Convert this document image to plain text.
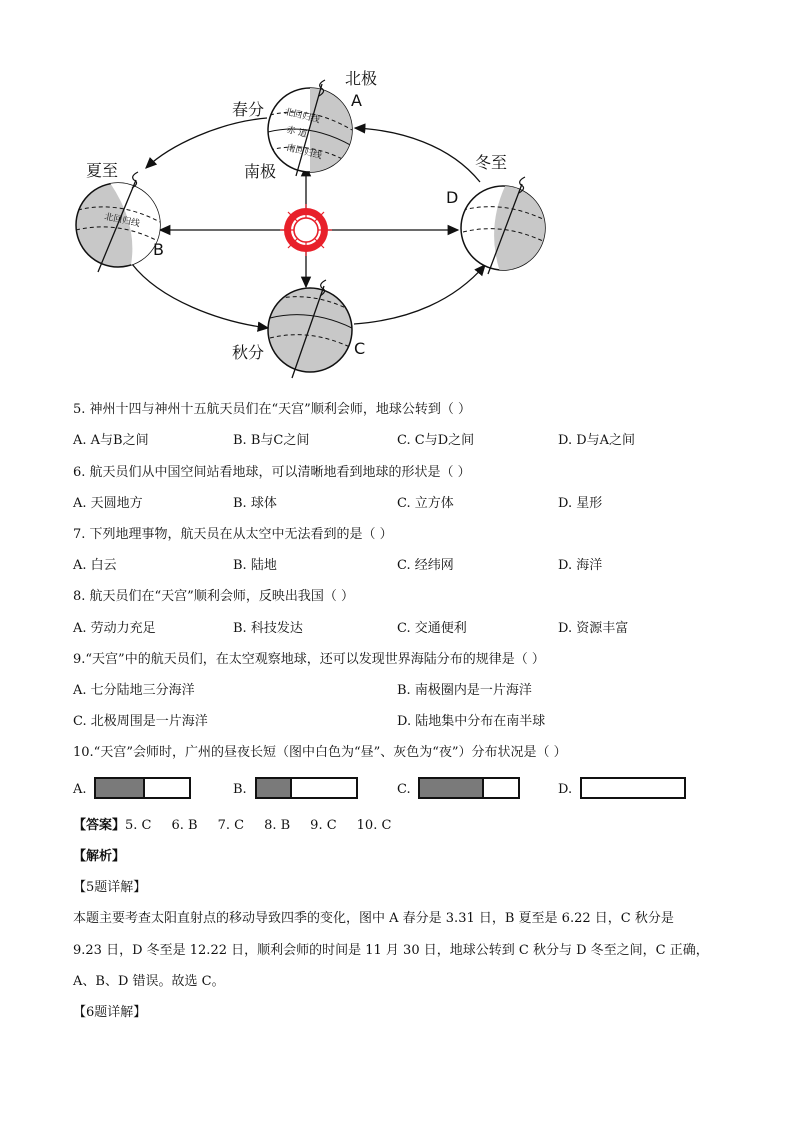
北极
A
春分
南极
夏至
B
冬至
D
秋分	C
北回归线
赤 道
南回归线
北回归线
5. 神州十四与神州十五航天员们在“天宫”顺利会师，地球公转到（ ）
A. A与B之间	B. B与C之间	C. C与D之间	D. D与A之间
6. 航天员们从中国空间站看地球，可以清晰地看到地球的形状是（ ）
A. 天圆地方	B. 球体	C. 立方体	D. 星形
7. 下列地理事物，航天员在从太空中无法看到的是（ ）
A. 白云	B. 陆地	C. 经纬网	D. 海洋
8. 航天员们在“天宫”顺利会师，反映出我国（ ）
A. 劳动力充足	B. 科技发达	C. 交通便利	D. 资源丰富
9.“天宫”中的航天员们，在太空观察地球，还可以发现世界海陆分布的规律是（ ）
A. 七分陆地三分海洋	B. 南极圈内是一片海洋
C. 北极周围是一片海洋	D. 陆地集中分布在南半球
10.“天宫”会师时，广州的昼夜长短（图中白色为“昼”、灰色为“夜”）分布状况是（ ）
A.	B.	C.	D.
【答案】5. C 6. B 7. C 8. B 9. C 10. C
【解析】
【5题详解】
本题主要考查太阳直射点的移动导致四季的变化，图中 A 春分是 3.31 日，B 夏至是 6.22 日，C 秋分是
9.23 日，D 冬至是 12.22 日，顺利会师的时间是 11 月 30 日，地球公转到 C 秋分与 D 冬至之间，C 正确，
A、B、D 错误。故选 C。
【6题详解】
